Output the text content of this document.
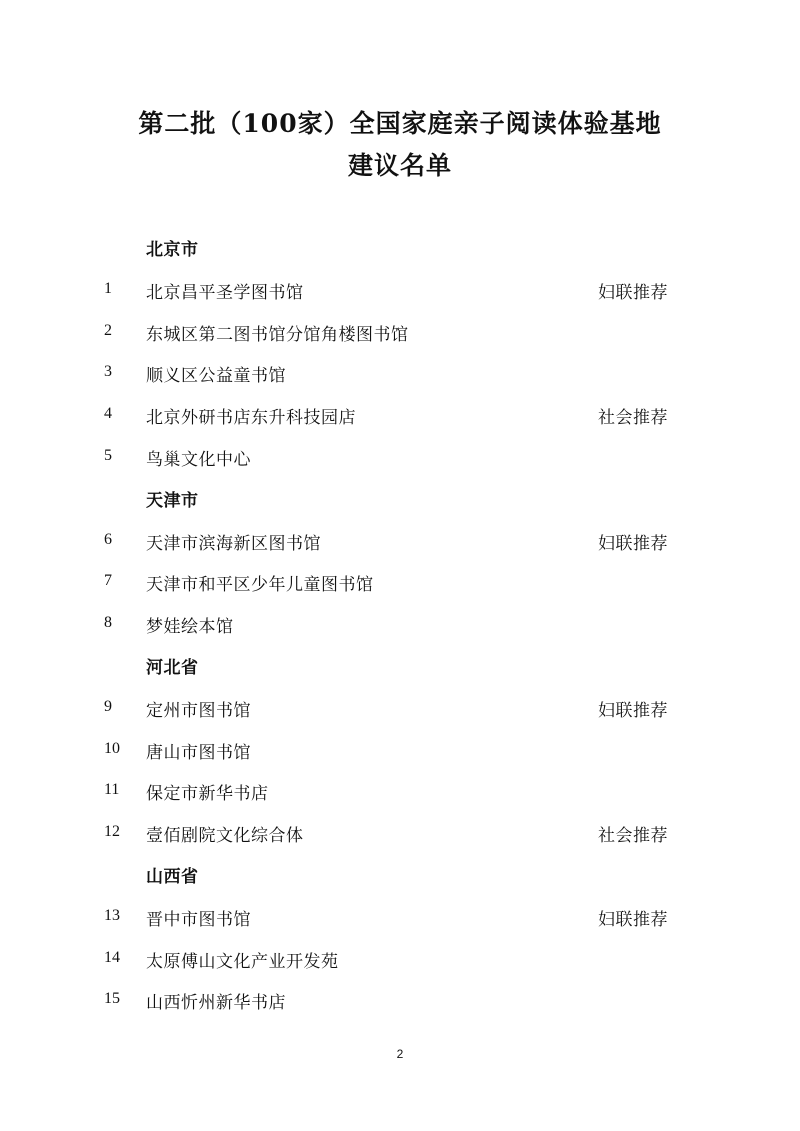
第二批（100家）全国家庭亲子阅读体验基地
建议名单
北京市
1 北京昌平圣学图书馆	妇联推荐
2 东城区第二图书馆分馆角楼图书馆
3 顺义区公益童书馆
4 北京外研书店东升科技园店	社会推荐
5 鸟巢文化中心
天津市
6 天津市滨海新区图书馆	妇联推荐
7 天津市和平区少年儿童图书馆
8 梦娃绘本馆
河北省
9 定州市图书馆	妇联推荐
10 唐山市图书馆
11 保定市新华书店
12 壹佰剧院文化综合体	社会推荐
山西省
13 晋中市图书馆	妇联推荐
14 太原傅山文化产业开发苑
15 山西忻州新华书店
2
